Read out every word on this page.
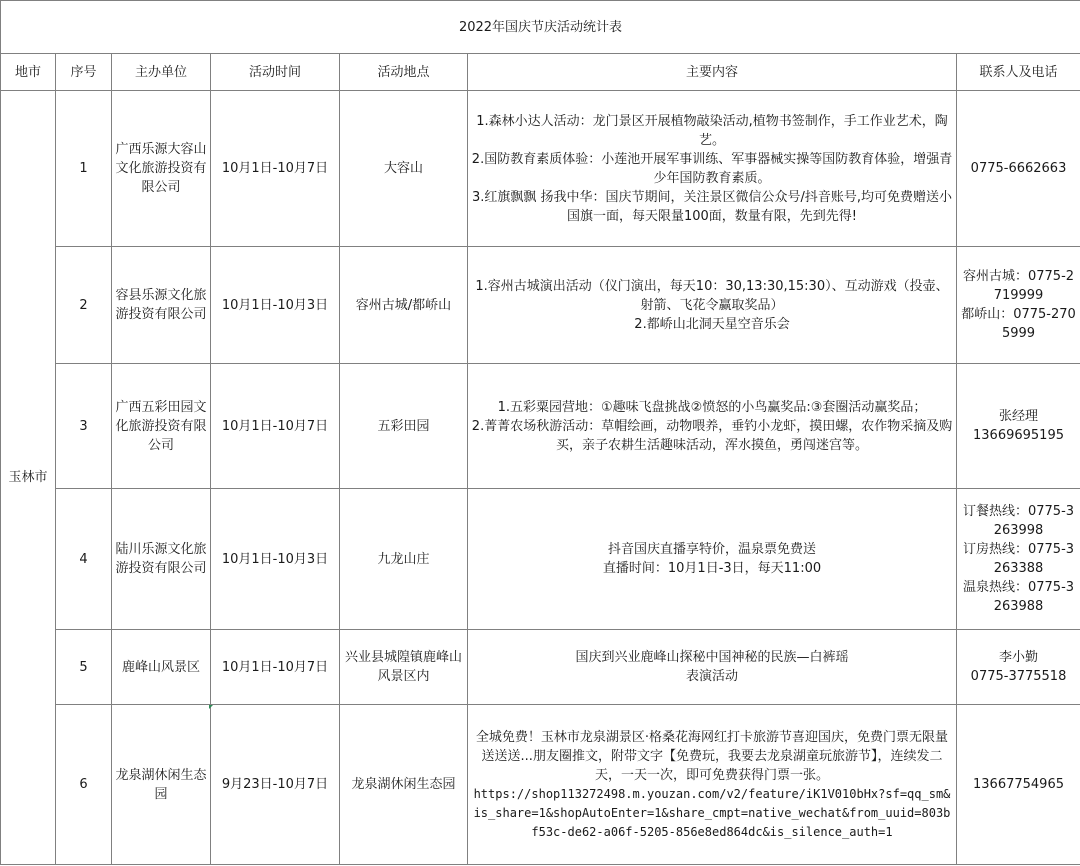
2022年国庆节庆活动统计表						
地市	序号	主办单位	活动时间	活动地点	主要内容	联系人及电话
玉林市	1	广西乐源大容山文化旅游投资有限公司	10月1日-10月7日	大容山	1.森林小达人活动：龙门景区开展植物敲染活动,植物书签制作，手工作业艺术，陶艺。
2.国防教育素质体验：小莲池开展军事训练、军事器械实操等国防教育体验，增强青少年国防教育素质。
3.红旗飘飘 扬我中华：国庆节期间，关注景区微信公众号/抖音账号,均可免费赠送小国旗一面，每天限量100面，数量有限，先到先得!	0775-6662663

	2	容县乐源文化旅游投资有限公司	10月1日-10月3日	容州古城/都峤山	1.容州古城演出活动（仪门演出，每天10：30,13:30,15:30）、互动游戏（投壶、射箭、飞花令赢取奖品）
2.都峤山北洞天星空音乐会	容州古城：0775-2719999
都峤山：0775-2705999

	3	广西五彩田园文化旅游投资有限公司	10月1日-10月7日	五彩田园	1.五彩粟园营地：①趣味飞盘挑战②愤怒的小鸟赢奖品:③套圈活动赢奖品；
2.菁菁农场秋游活动：草帽绘画，动物喂养，垂钓小龙虾，摸田螺，农作物采摘及购买，亲子农耕生活趣味活动，浑水摸鱼，勇闯迷宫等。	张经理
13669695195

	4	陆川乐源文化旅游投资有限公司	10月1日-10月3日	九龙山庄	抖音国庆直播享特价，温泉票免费送
直播时间：10月1日-3日，每天11:00	订餐热线：0775-3263998
订房热线：0775-3263388
温泉热线：0775-3263988

	5	鹿峰山风景区	10月1日-10月7日	兴业县城隍镇鹿峰山风景区内	国庆到兴业鹿峰山探秘中国神秘的民族—白裤瑶
表演活动	李小勤
0775-3775518

	6	龙泉湖休闲生态园	9月23日-10月7日	龙泉湖休闲生态园	全城免费！玉林市龙泉湖景区·格桑花海网红打卡旅游节喜迎国庆，免费门票无限量送送送...朋友圈推文，附带文字【免费玩，我要去龙泉湖童玩旅游节】，连续发二天，一天一次，即可免费获得门票一张。
https://shop113272498.m.youzan.com/v2/feature/iK1V010bHx?sf=qq_sm&is_share=1&shopAutoEnter=1&share_cmpt=native_wechat&from_uuid=803bf53c-de62-a06f-5205-856e8ed864dc&is_silence_auth=1	13667754965
